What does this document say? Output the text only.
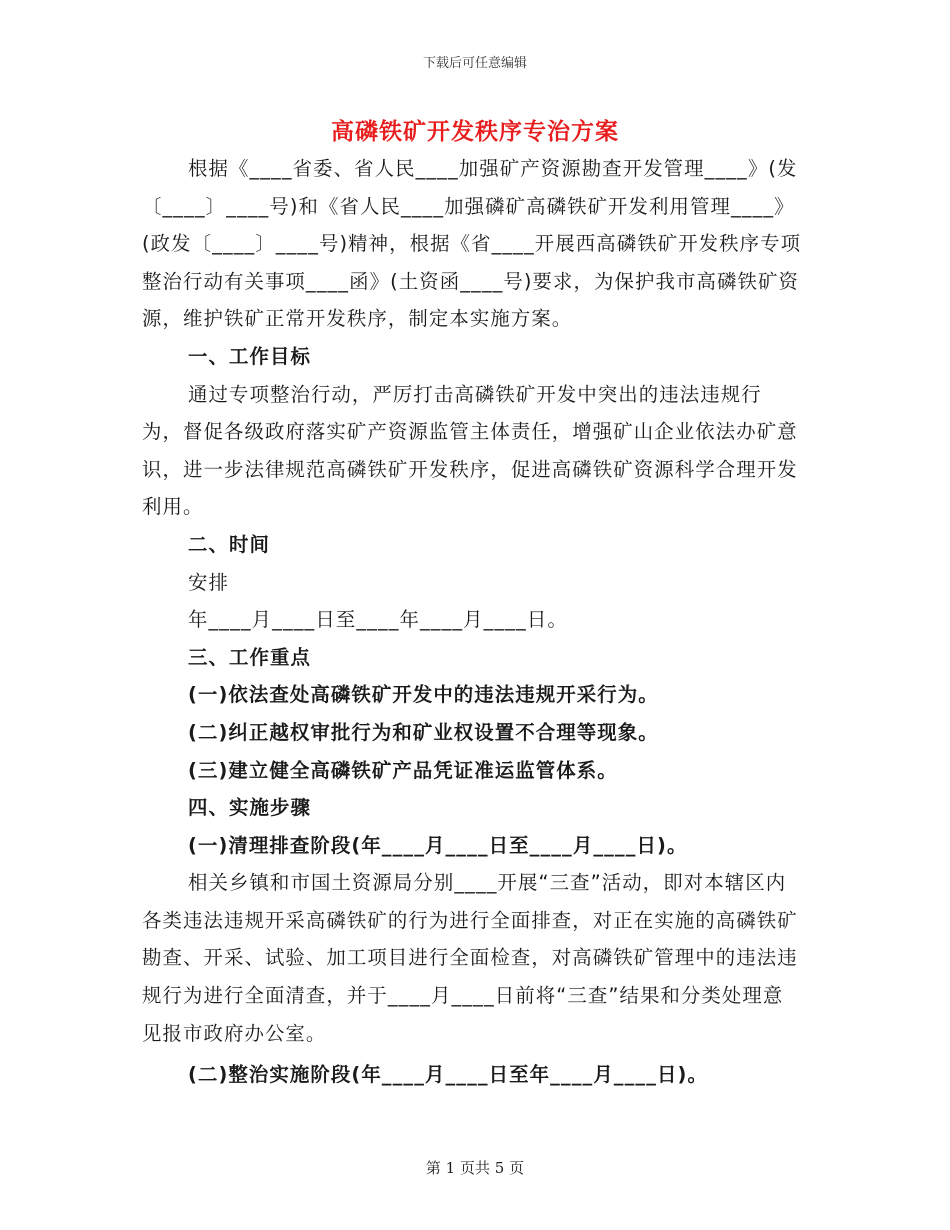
下载后可任意编辑
高磷铁矿开发秩序专治方案

根据《____省委、省人民____加强矿产资源勘查开发管理____》(发〔____〕____号)和《省人民____加强磷矿高磷铁矿开发利用管理____》(政发〔____〕____号)精神，根据《省____开展西高磷铁矿开发秩序专项整治行动有关事项____函》(土资函____号)要求，为保护我市高磷铁矿资源，维护铁矿正常开发秩序，制定本实施方案。

一、工作目标

通过专项整治行动，严厉打击高磷铁矿开发中突出的违法违规行为，督促各级政府落实矿产资源监管主体责任，增强矿山企业依法办矿意识，进一步法律规范高磷铁矿开发秩序，促进高磷铁矿资源科学合理开发利用。

二、时间

安排

年____月____日至____年____月____日。

三、工作重点

(一)依法查处高磷铁矿开发中的违法违规开采行为。

(二)纠正越权审批行为和矿业权设置不合理等现象。

(三)建立健全高磷铁矿产品凭证准运监管体系。

四、实施步骤

(一)清理排查阶段(年____月____日至____月____日)。

相关乡镇和市国土资源局分别____开展“三查”活动，即对本辖区内各类违法违规开采高磷铁矿的行为进行全面排查，对正在实施的高磷铁矿勘查、开采、试验、加工项目进行全面检查，对高磷铁矿管理中的违法违规行为进行全面清查，并于____月____日前将“三查”结果和分类处理意见报市政府办公室。

(二)整治实施阶段(年____月____日至年____月____日)。

第 1 页共 5 页
